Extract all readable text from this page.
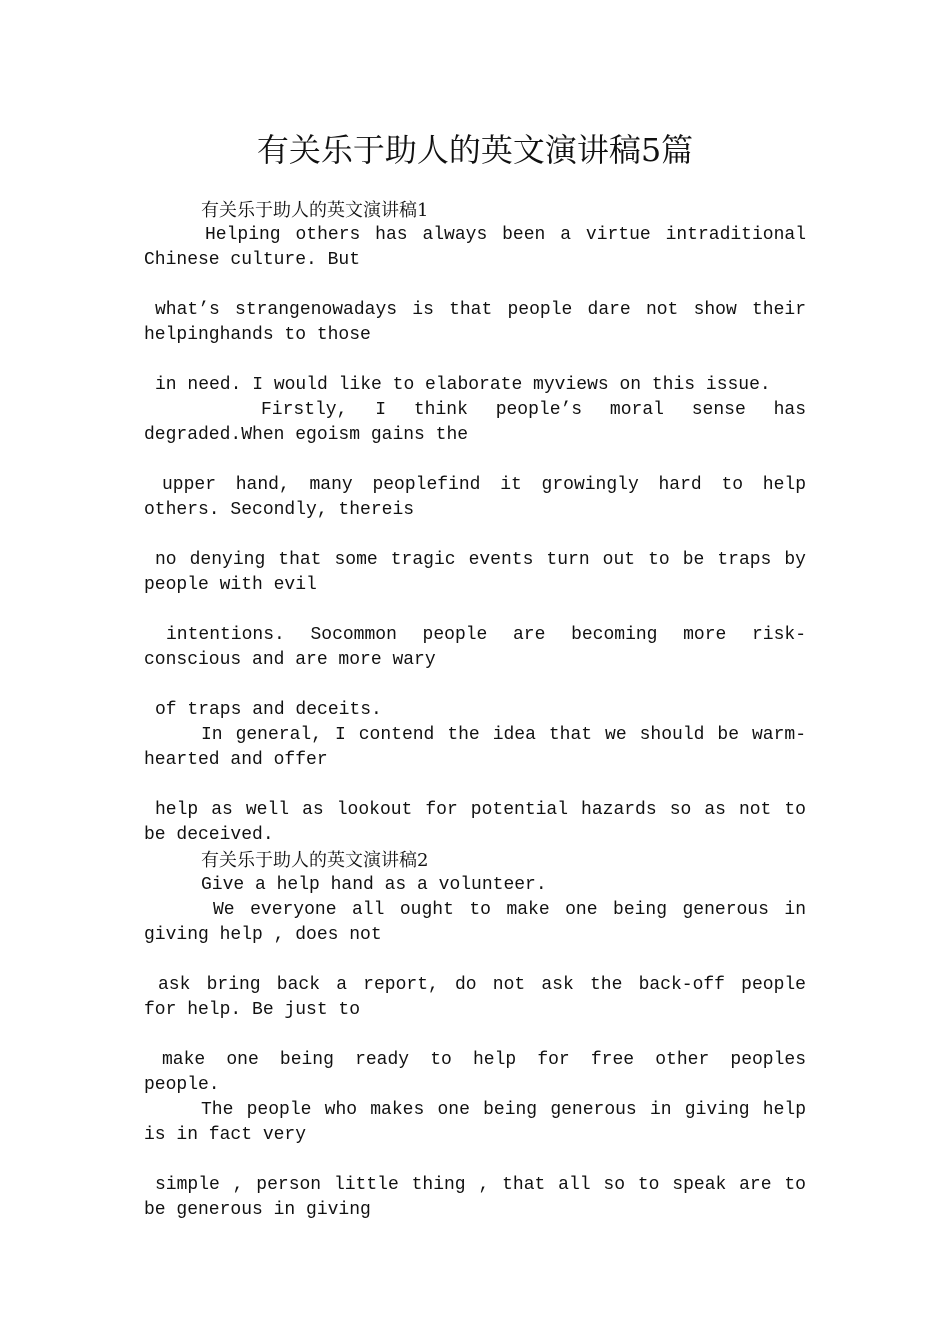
有关乐于助人的英文演讲稿5篇
有关乐于助人的英文演讲稿1
Helping others has always been a virtue intraditional
Chinese culture. But
what’s strangenowadays is that people dare not show their
helpinghands to those
in need. I would like to elaborate myviews on this issue.
Firstly, I think people’s moral sense has
degraded.When egoism gains the
upper hand, many peoplefind it growingly hard to help
others. Secondly, thereis
no denying that some tragic events turn out to be traps by
people with evil
intentions. Socommon people are becoming more risk-
conscious and are more wary
of traps and deceits.
In general, I contend the idea that we should be warm-
hearted and offer
help as well as lookout for potential hazards so as not to
be deceived.
有关乐于助人的英文演讲稿2
Give a help hand as a volunteer.
We everyone all ought to make one being generous in
giving help , does not
ask bring back a report, do not ask the back-off people
for help. Be just to
make one being ready to help for free other peoples
people.
The people who makes one being generous in giving help
is in fact very
simple , person little thing , that all so to speak are to
be generous in giving
